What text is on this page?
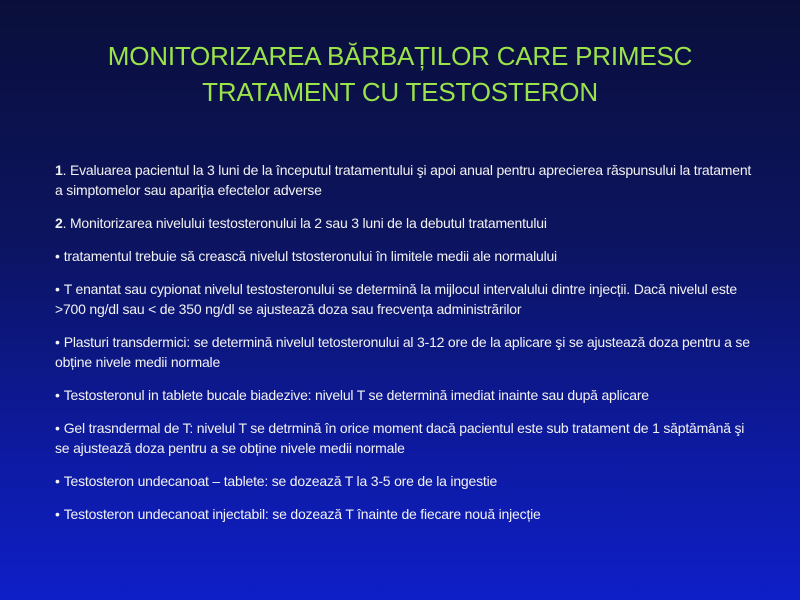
MONITORIZAREA BĂRBAȚILOR CARE PRIMESC
TRATAMENT CU TESTOSTERON

1. Evaluarea pacientul la 3 luni de la începutul tratamentului şi apoi anual pentru aprecierea răspunsului la tratament a simptomelor sau apariția efectelor adverse

2. Monitorizarea nivelului testosteronului la 2 sau 3 luni de la debutul tratamentului

• tratamentul trebuie să crească nivelul tstosteronului în limitele medii ale normalului

• T enantat sau cypionat nivelul testosteronului se determină la mijlocul intervalului dintre injecții. Dacă nivelul este >700 ng/dl sau < de 350 ng/dl se ajustează doza sau frecvența administrărilor

• Plasturi transdermici: se determină nivelul tetosteronului al 3-12 ore de la aplicare şi se ajustează doza pentru a se obține nivele medii normale

• Testosteronul in tablete bucale biadezive: nivelul T se determină imediat inainte sau după aplicare

• Gel trasndermal de T: nivelul T se detrmină în orice moment dacă pacientul este sub tratament de 1 săptămână şi se ajustează doza pentru a se obține nivele medii normale

• Testosteron undecanoat – tablete: se dozează T la 3-5 ore de la ingestie

• Testosteron undecanoat injectabil: se dozează T înainte de fiecare nouă injecție
